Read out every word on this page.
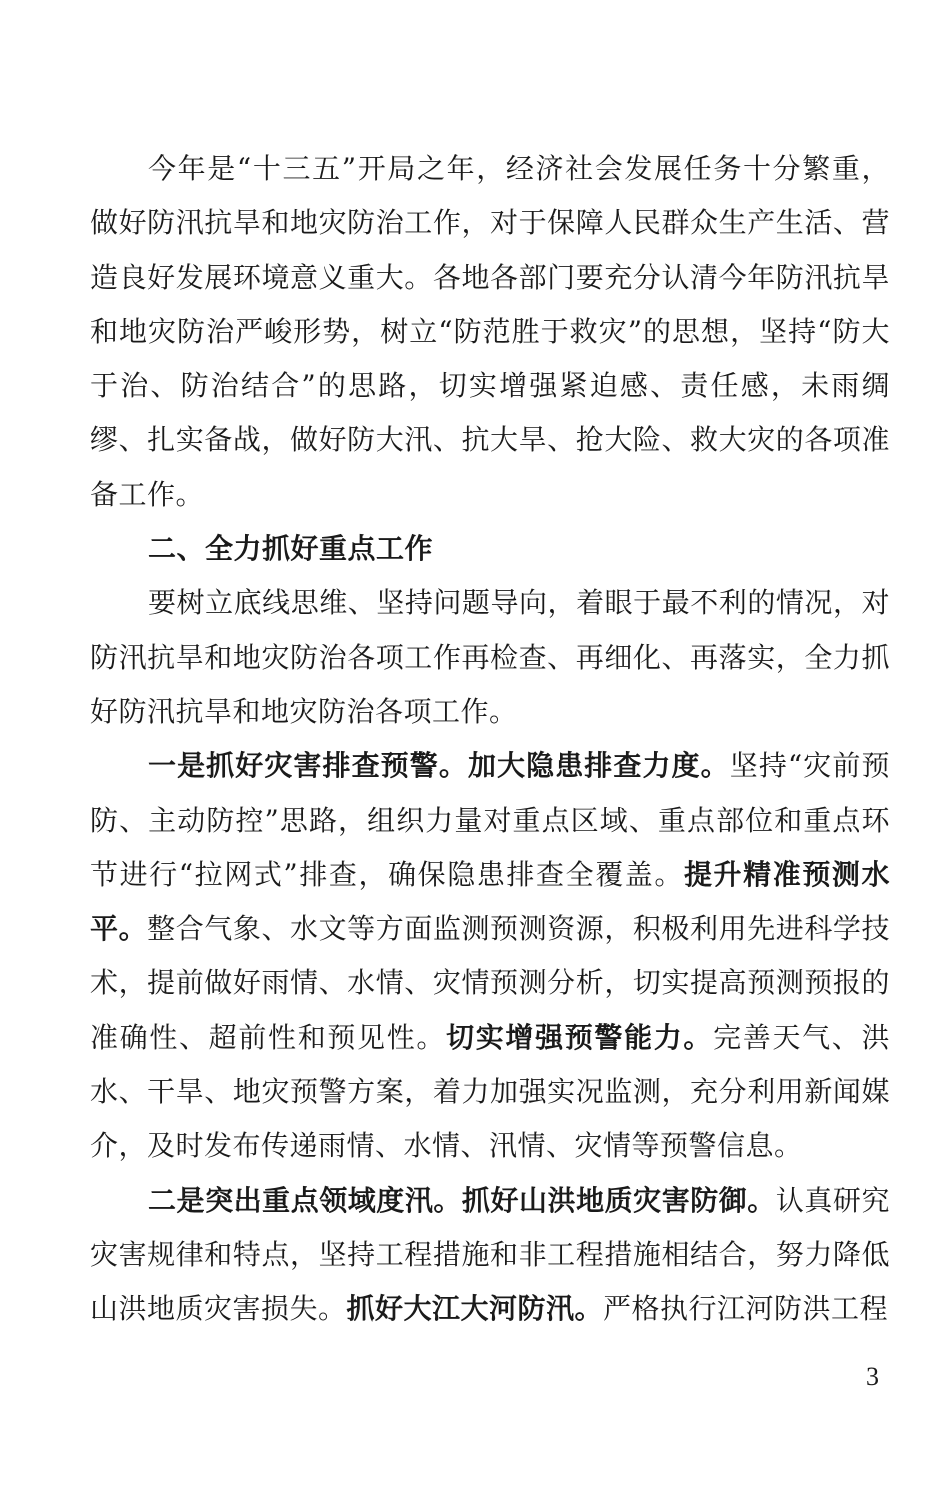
今年是“十三五”开局之年，经济社会发展任务十分繁重，做好防汛抗旱和地灾防治工作，对于保障人民群众生产生活、营造良好发展环境意义重大。各地各部门要充分认清今年防汛抗旱和地灾防治严峻形势，树立“防范胜于救灾”的思想，坚持“防大于治、防治结合”的思路，切实增强紧迫感、责任感，未雨绸缪、扎实备战，做好防大汛、抗大旱、抢大险、救大灾的各项准备工作。

二、全力抓好重点工作

要树立底线思维、坚持问题导向，着眼于最不利的情况，对防汛抗旱和地灾防治各项工作再检查、再细化、再落实，全力抓好防汛抗旱和地灾防治各项工作。

一是抓好灾害排查预警。加大隐患排查力度。坚持“灾前预防、主动防控”思路，组织力量对重点区域、重点部位和重点环节进行“拉网式”排查，确保隐患排查全覆盖。提升精准预测水平。整合气象、水文等方面监测预测资源，积极利用先进科学技术，提前做好雨情、水情、灾情预测分析，切实提高预测预报的准确性、超前性和预见性。切实增强预警能力。完善天气、洪水、干旱、地灾预警方案，着力加强实况监测，充分利用新闻媒介，及时发布传递雨情、水情、汛情、灾情等预警信息。

二是突出重点领域度汛。抓好山洪地质灾害防御。认真研究灾害规律和特点，坚持工程措施和非工程措施相结合，努力降低山洪地质灾害损失。抓好大江大河防汛。严格执行江河防洪工程

3
